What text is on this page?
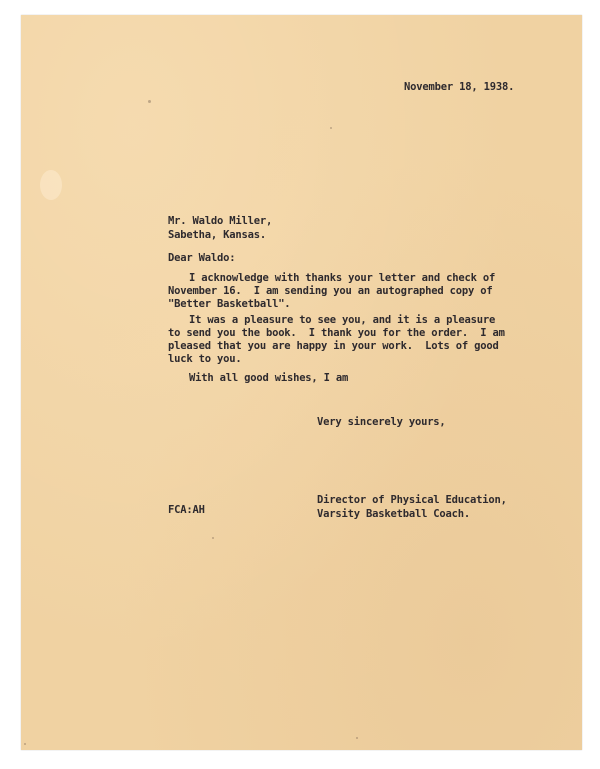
November 18, 1938.
Mr. Waldo Miller,
Sabetha, Kansas.
Dear Waldo:
I acknowledge with thanks your letter and check of
November 16.  I am sending you an autographed copy of
"Better Basketball".
It was a pleasure to see you, and it is a pleasure
to send you the book.  I thank you for the order.  I am
pleased that you are happy in your work.  Lots of good
luck to you.
With all good wishes, I am
Very sincerely yours,
Director of Physical Education,
Varsity Basketball Coach.
FCA:AH
